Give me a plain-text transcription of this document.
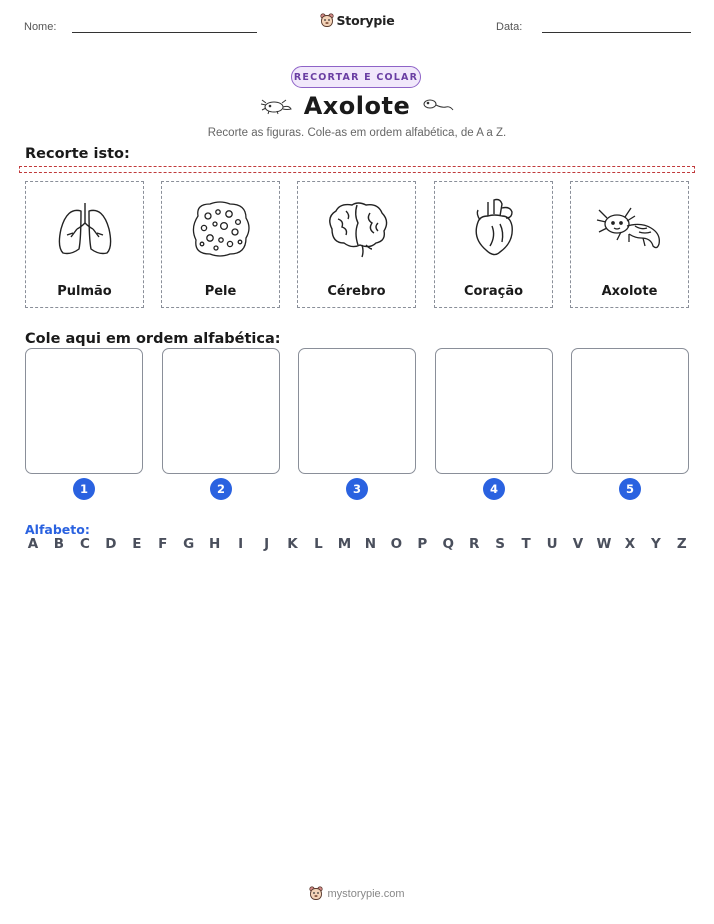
Nome:	Storypie	Data:
RECORTAR E COLAR
Axolote
Recorte as figuras. Cole-as em ordem alfabética, de A a Z.
Recorte isto:
Pulmão	Pele	Cérebro	Coração	Axolote
Cole aqui em ordem alfabética:
1	2	3	4	5
Alfabeto:
A B C D E F G H	I	J	K L M N O P Q R S T U V W X Y Z
mystorypie.com
